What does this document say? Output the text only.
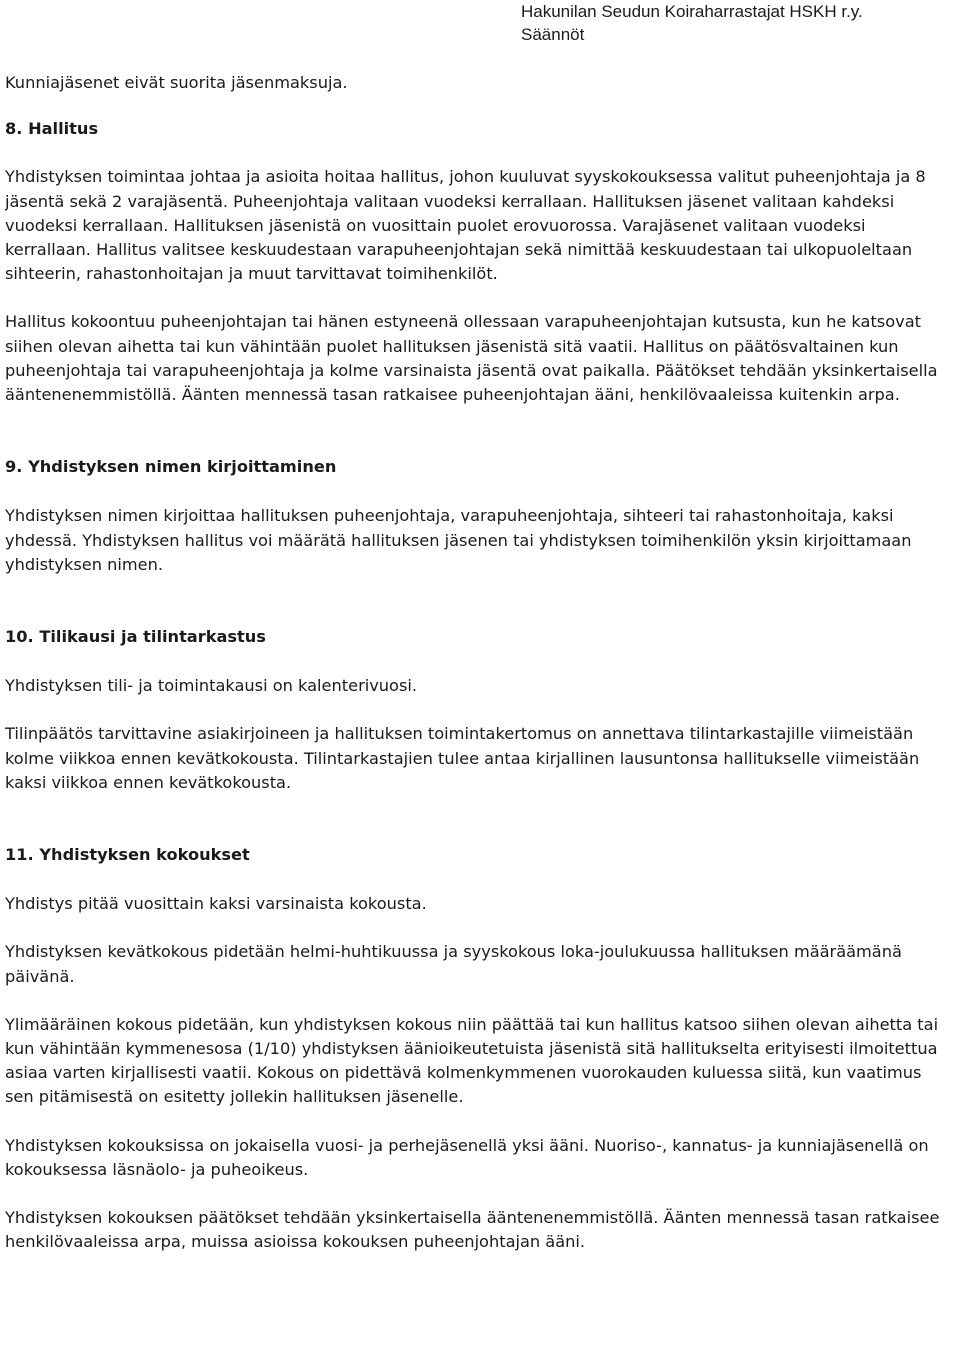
Hakunilan Seudun Koiraharrastajat HSKH r.y.
Säännöt

Kunniajäsenet eivät suorita jäsenmaksuja.

8. Hallitus

Yhdistyksen toimintaa johtaa ja asioita hoitaa hallitus, johon kuuluvat syyskokouksessa valitut puheenjohtaja ja 8 jäsentä sekä 2 varajäsentä. Puheenjohtaja valitaan vuodeksi kerrallaan. Hallituksen jäsenet valitaan kahdeksi vuodeksi kerrallaan. Hallituksen jäsenistä on vuosittain puolet erovuorossa. Varajäsenet valitaan vuodeksi kerrallaan. Hallitus valitsee keskuudestaan varapuheenjohtajan sekä nimittää keskuudestaan tai ulkopuoleltaan sihteerin, rahastonhoitajan ja muut tarvittavat toimihenkilöt.

Hallitus kokoontuu puheenjohtajan tai hänen estyneenä ollessaan varapuheenjohtajan kutsusta, kun he katsovat siihen olevan aihetta tai kun vähintään puolet hallituksen jäsenistä sitä vaatii. Hallitus on päätösvaltainen kun puheenjohtaja tai varapuheenjohtaja ja kolme varsinaista jäsentä ovat paikalla. Päätökset tehdään yksinkertaisella ääntenenemmistöllä. Äänten mennessä tasan ratkaisee puheenjohtajan ääni, henkilövaaleissa kuitenkin arpa.

9. Yhdistyksen nimen kirjoittaminen

Yhdistyksen nimen kirjoittaa hallituksen puheenjohtaja, varapuheenjohtaja, sihteeri tai rahastonhoitaja, kaksi yhdessä. Yhdistyksen hallitus voi määrätä hallituksen jäsenen tai yhdistyksen toimihenkilön yksin kirjoittamaan yhdistyksen nimen.

10. Tilikausi ja tilintarkastus

Yhdistyksen tili- ja toimintakausi on kalenterivuosi.

Tilinpäätös tarvittavine asiakirjoineen ja hallituksen toimintakertomus on annettava tilintarkastajille viimeistään kolme viikkoa ennen kevätkokousta. Tilintarkastajien tulee antaa kirjallinen lausuntonsa hallitukselle viimeistään kaksi viikkoa ennen kevätkokousta.

11. Yhdistyksen kokoukset

Yhdistys pitää vuosittain kaksi varsinaista kokousta.

Yhdistyksen kevätkokous pidetään helmi-huhtikuussa ja syyskokous loka-joulukuussa hallituksen määräämänä päivänä.

Ylimääräinen kokous pidetään, kun yhdistyksen kokous niin päättää tai kun hallitus katsoo siihen olevan aihetta tai kun vähintään kymmenesosa (1/10) yhdistyksen äänioikeutetuista jäsenistä sitä hallitukselta erityisesti ilmoitettua asiaa varten kirjallisesti vaatii. Kokous on pidettävä kolmenkymmenen vuorokauden kuluessa siitä, kun vaatimus sen pitämisestä on esitetty jollekin hallituksen jäsenelle.

Yhdistyksen kokouksissa on jokaisella vuosi- ja perhejäsenellä yksi ääni. Nuoriso-, kannatus- ja kunniajäsenellä on kokouksessa läsnäolo- ja puheoikeus.

Yhdistyksen kokouksen päätökset tehdään yksinkertaisella ääntenenemmistöllä. Äänten mennessä tasan ratkaisee henkilövaaleissa arpa, muissa asioissa kokouksen puheenjohtajan ääni.
